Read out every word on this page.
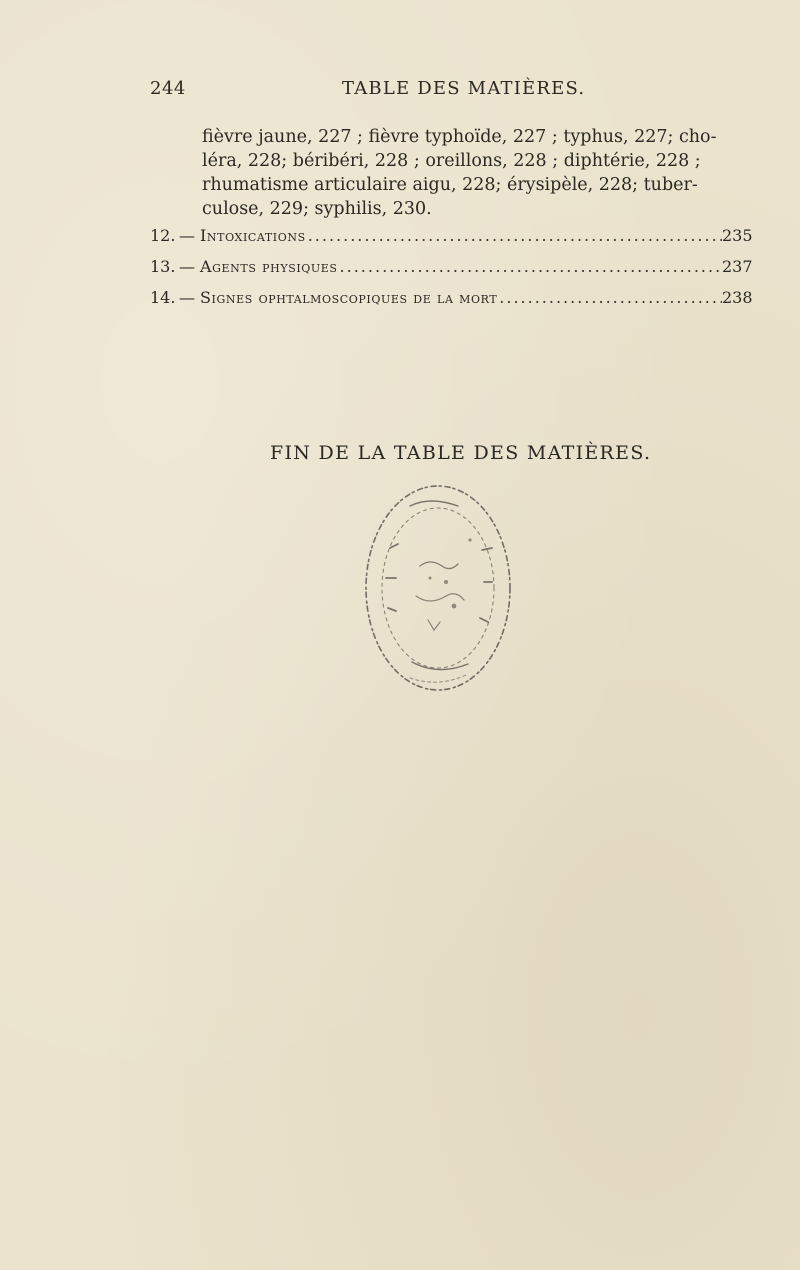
244	TABLE DES MATIÈRES.
fièvre jaune, 227 ; fièvre typhoïde, 227 ; typhus, 227; cho-
léra, 228; béribéri, 228 ; oreillons, 228 ; diphtérie, 228 ;
rhumatisme articulaire aigu, 228; érysipèle, 228; tuber-
culose, 229; syphilis, 230.
12. — Intoxications .....	235
13. — Agents physiques .....	237
14. — Signes ophtalmoscopiques de la mort .....	238
FIN DE LA TABLE DES MATIÈRES.
